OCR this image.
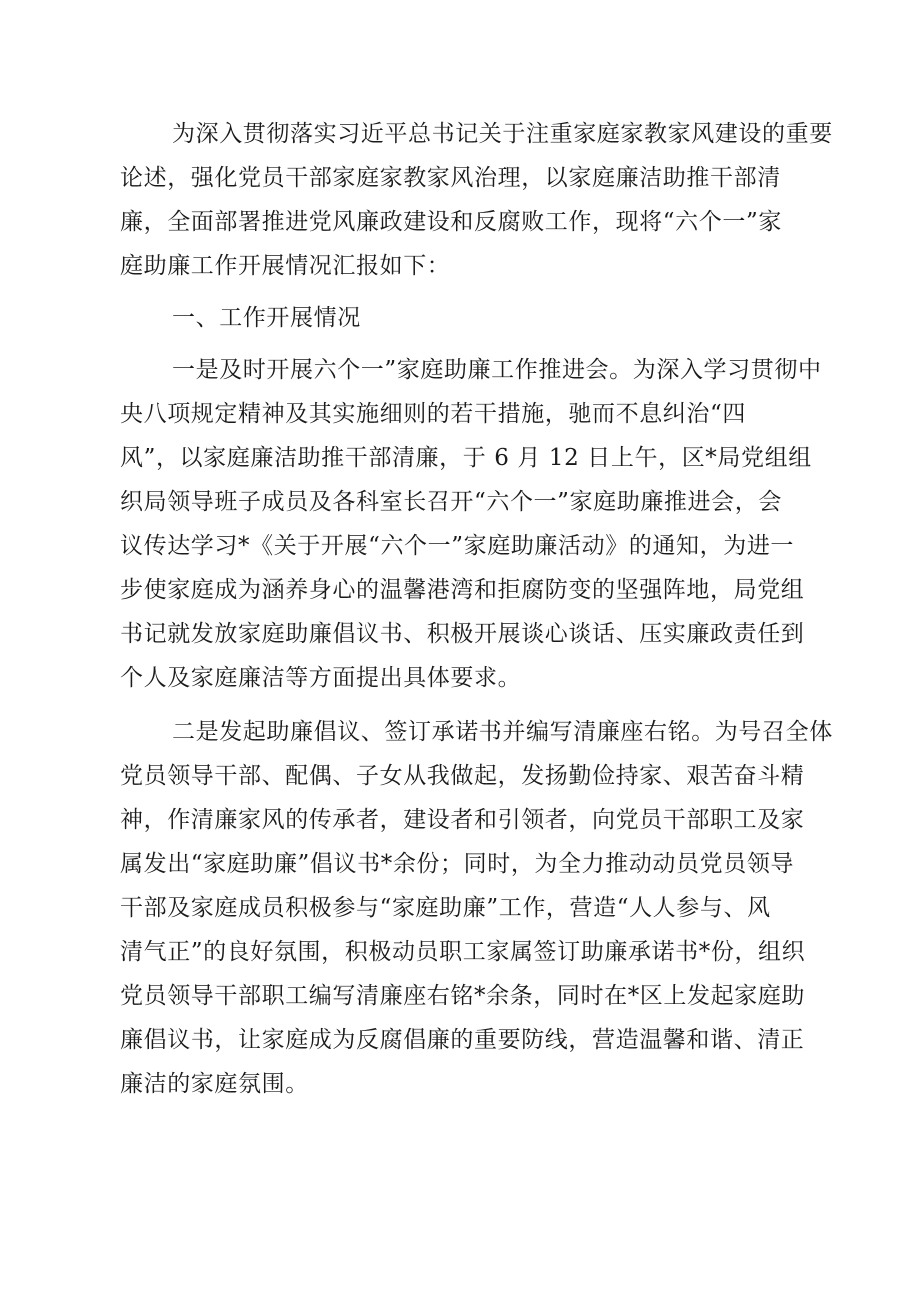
为深入贯彻落实习近平总书记关于注重家庭家教家风建设的重要
论述，强化党员干部家庭家教家风治理，以家庭廉洁助推干部清
廉，全面部署推进党风廉政建设和反腐败工作，现将“六个一”家
庭助廉工作开展情况汇报如下：
一、工作开展情况
一是及时开展六个一”家庭助廉工作推进会。为深入学习贯彻中
央八项规定精神及其实施细则的若干措施，驰而不息纠治“四
风”，以家庭廉洁助推干部清廉，于 6 月 12 日上午，区*局党组组
织局领导班子成员及各科室长召开“六个一”家庭助廉推进会，会
议传达学习*《关于开展“六个一”家庭助廉活动》的通知，为进一
步使家庭成为涵养身心的温馨港湾和拒腐防变的坚强阵地，局党组
书记就发放家庭助廉倡议书、积极开展谈心谈话、压实廉政责任到
个人及家庭廉洁等方面提出具体要求。
二是发起助廉倡议、签订承诺书并编写清廉座右铭。为号召全体
党员领导干部、配偶、子女从我做起，发扬勤俭持家、艰苦奋斗精
神，作清廉家风的传承者，建设者和引领者，向党员干部职工及家
属发出“家庭助廉”倡议书*余份；同时，为全力推动动员党员领导
干部及家庭成员积极参与“家庭助廉”工作，营造“人人参与、风
清气正”的良好氛围，积极动员职工家属签订助廉承诺书*份，组织
党员领导干部职工编写清廉座右铭*余条，同时在*区上发起家庭助
廉倡议书，让家庭成为反腐倡廉的重要防线，营造温馨和谐、清正
廉洁的家庭氛围。
